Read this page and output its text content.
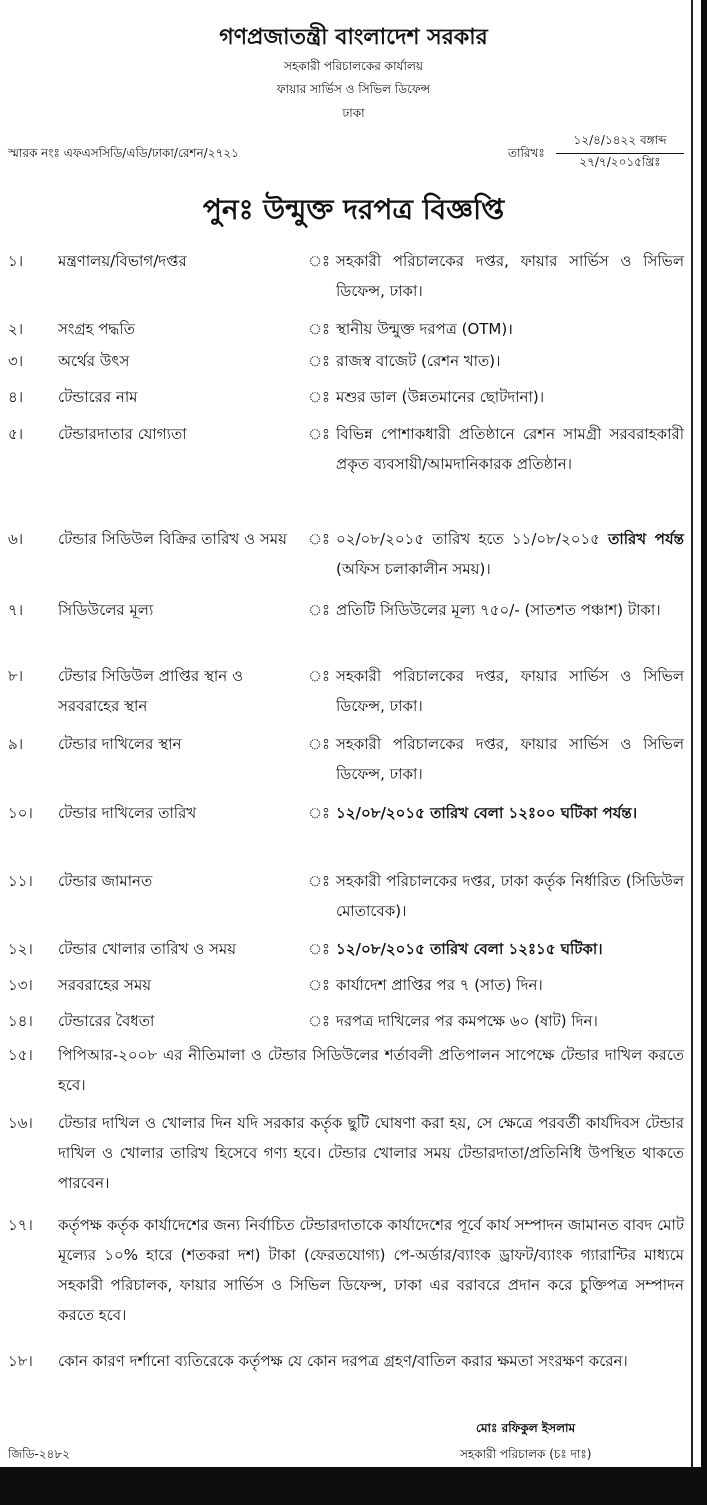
গণপ্রজাতন্ত্রী বাংলাদেশ সরকার
সহকারী পরিচালকের কার্যালয়
ফায়ার সার্ভিস ও সিভিল ডিফেন্স
ঢাকা
স্মারক নংঃ এফএসসিডি/এডি/ঢাকা/রেশন/২৭২১	তারিখঃ
১২/৪/১৪২২ বঙ্গাব্দ
২৭/৭/২০১৫খ্রিঃ
পুনঃ উন্মুক্ত দরপত্র বিজ্ঞপ্তি
১। মন্ত্রণালয়/বিভাগ/দপ্তর	ঃ সহকারী পরিচালকের দপ্তর, ফায়ার সার্ভিস ও সিভিল ডিফেন্স, ঢাকা।
২। সংগ্রহ পদ্ধতি	ঃ স্থানীয় উন্মুক্ত দরপত্র (OTM)।
৩। অর্থের উৎস	ঃ রাজস্ব বাজেট (রেশন খাত)।
৪। টেন্ডারের নাম	ঃ মশুর ডাল (উন্নতমানের ছোটদানা)।
৫। টেন্ডারদাতার যোগ্যতা	ঃ বিভিন্ন পোশাকধারী প্রতিষ্ঠানে রেশন সামগ্রী সরবরাহকারী প্রকৃত ব্যবসায়ী/আমদানিকারক প্রতিষ্ঠান।
৬। টেন্ডার সিডিউল বিক্রির তারিখ ও সময় ঃ ০২/০৮/২০১৫ তারিখ হতে ১১/০৮/২০১৫ তারিখ পর্যন্ত (অফিস চলাকালীন সময়)।
৭। সিডিউলের মূল্য	ঃ প্রতিটি সিডিউলের মূল্য ৭৫০/- (সাতশত পঞ্চাশ) টাকা।
৮। টেন্ডার সিডিউল প্রাপ্তির স্থান ও সরবরাহের স্থান
ঃ সহকারী পরিচালকের দপ্তর, ফায়ার সার্ভিস ও সিভিল ডিফেন্স, ঢাকা।
৯। টেন্ডার দাখিলের স্থান	ঃ সহকারী পরিচালকের দপ্তর, ফায়ার সার্ভিস ও সিভিল ডিফেন্স, ঢাকা।
১০। টেন্ডার দাখিলের তারিখ	ঃ ১২/০৮/২০১৫ তারিখ বেলা ১২ঃ০০ ঘটিকা পর্যন্ত।
১১। টেন্ডার জামানত	ঃ সহকারী পরিচালকের দপ্তর, ঢাকা কর্তৃক নির্ধারিত (সিডিউল মোতাবেক)।
১২। টেন্ডার খোলার তারিখ ও সময়	ঃ ১২/০৮/২০১৫ তারিখ বেলা ১২ঃ১৫ ঘটিকা।
১৩। সরবরাহের সময়	ঃ কার্যাদেশ প্রাপ্তির পর ৭ (সাত) দিন।
১৪। টেন্ডারের বৈধতা	ঃ দরপত্র দাখিলের পর কমপক্ষে ৬০ (ষাট) দিন।
১৫। পিপিআর-২০০৮ এর নীতিমালা ও টেন্ডার সিডিউলের শর্তাবলী প্রতিপালন সাপেক্ষে টেন্ডার দাখিল করতে হবে।
১৬। টেন্ডার দাখিল ও খোলার দিন যদি সরকার কর্তৃক ছুটি ঘোষণা করা হয়, সে ক্ষেত্রে পরবর্তী কার্যদিবস টেন্ডার দাখিল ও খোলার তারিখ হিসেবে গণ্য হবে। টেন্ডার খোলার সময় টেন্ডারদাতা/প্রতিনিধি উপস্থিত থাকতে পারবেন।
১৭। কর্তৃপক্ষ কর্তৃক কার্যাদেশের জন্য নির্বাচিত টেন্ডারদাতাকে কার্যাদেশের পূর্বে কার্য সম্পাদন জামানত বাবদ মোট মূল্যের ১০% হারে (শতকরা দশ) টাকা (ফেরতযোগ্য) পে-অর্ডার/ব্যাংক ড্রাফট/ব্যাংক গ্যারান্টির মাধ্যমে সহকারী পরিচালক, ফায়ার সার্ভিস ও সিভিল ডিফেন্স, ঢাকা এর বরাবরে প্রদান করে চুক্তিপত্র সম্পাদন করতে হবে।
১৮। কোন কারণ দর্শানো ব্যতিরেকে কর্তৃপক্ষ যে কোন দরপত্র গ্রহণ/বাতিল করার ক্ষমতা সংরক্ষণ করেন।
মোঃ রফিকুল ইসলাম
সহকারী পরিচালক (চঃ দাঃ)
জিডি-২৪৮২
